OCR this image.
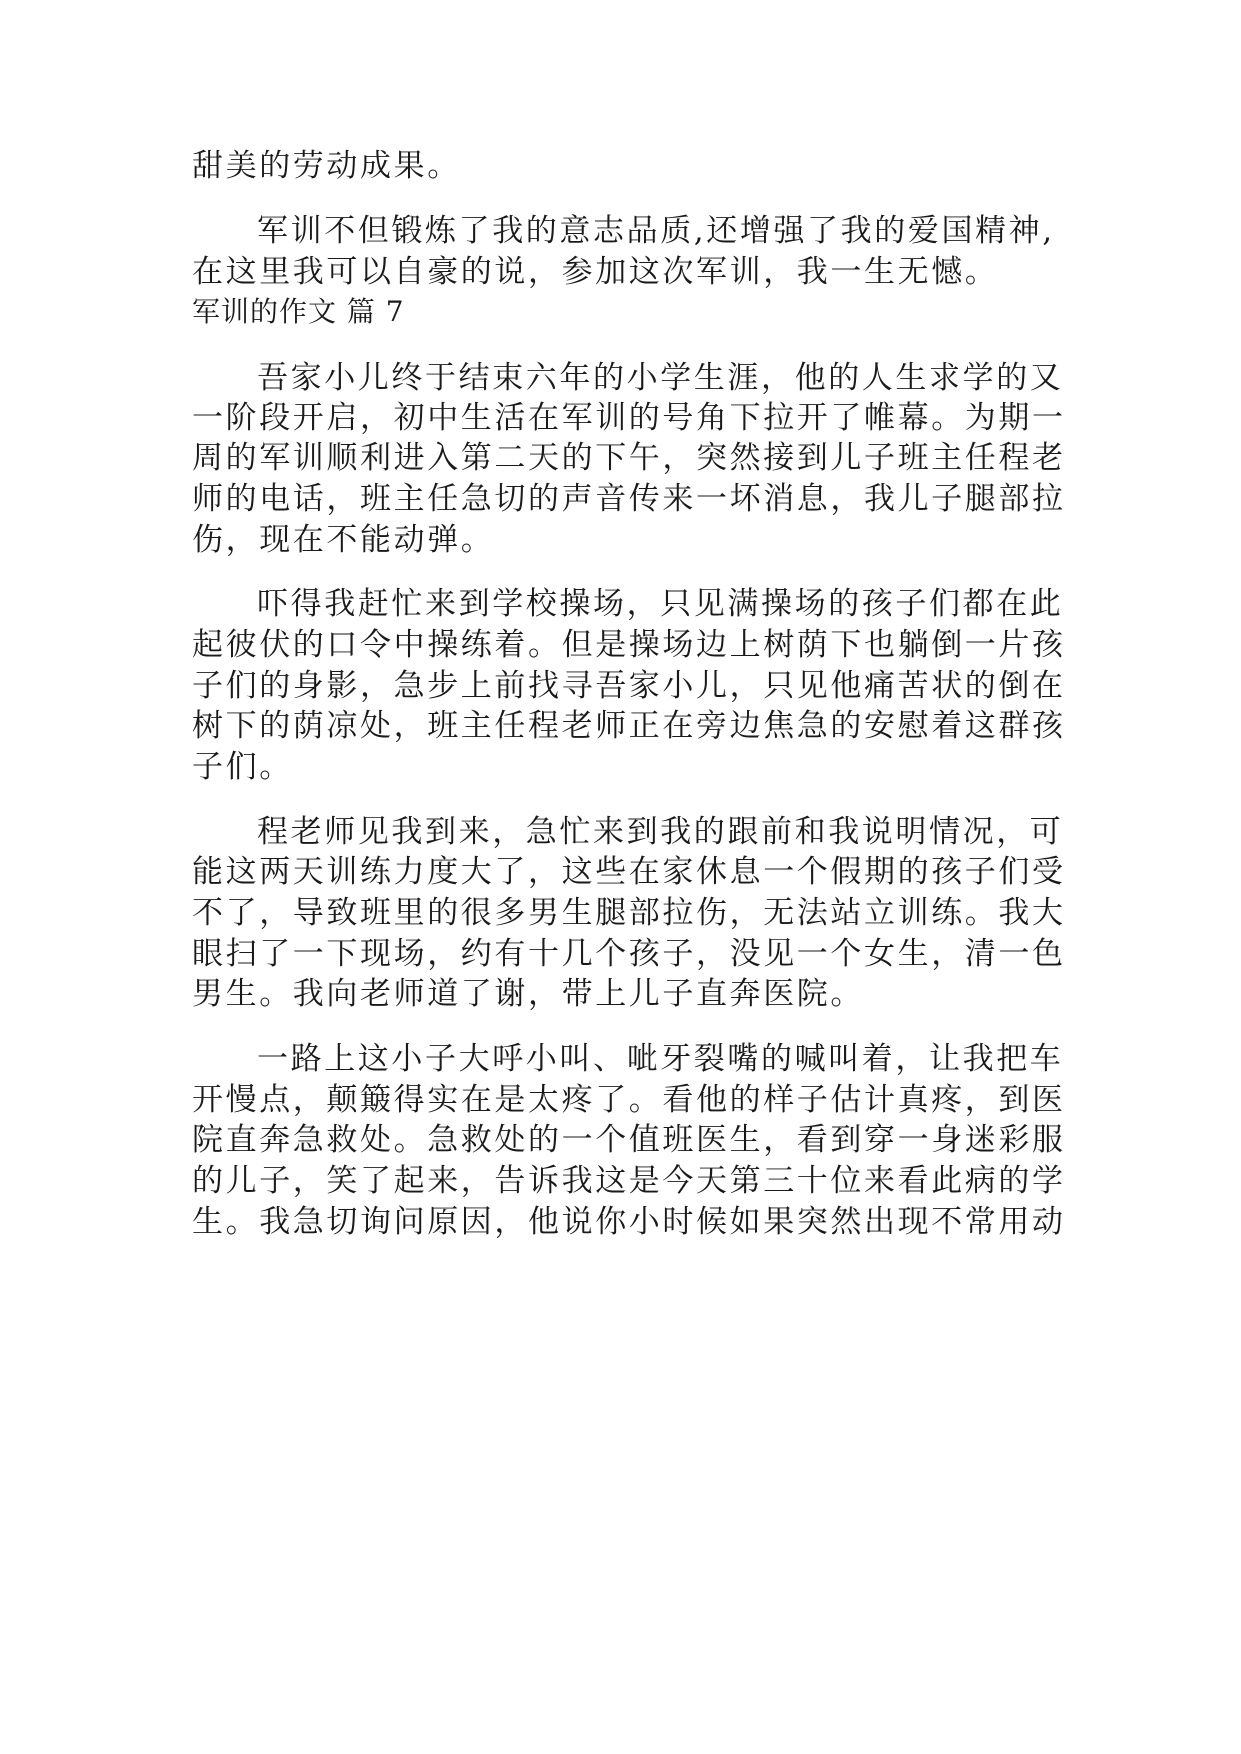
甜美的劳动成果。
军训不但锻炼了我的意志品质,还增强了我的爱国精神,
在这里我可以自豪的说，参加这次军训，我一生无憾。
军训的作文 篇 7
吾家小儿终于结束六年的小学生涯，他的人生求学的又
一阶段开启，初中生活在军训的号角下拉开了帷幕。为期一
周的军训顺利进入第二天的下午，突然接到儿子班主任程老
师的电话，班主任急切的声音传来一坏消息，我儿子腿部拉
伤，现在不能动弹。
吓得我赶忙来到学校操场，只见满操场的孩子们都在此
起彼伏的口令中操练着。但是操场边上树荫下也躺倒一片孩
子们的身影，急步上前找寻吾家小儿，只见他痛苦状的倒在
树下的荫凉处，班主任程老师正在旁边焦急的安慰着这群孩
子们。
程老师见我到来，急忙来到我的跟前和我说明情况，可
能这两天训练力度大了，这些在家休息一个假期的孩子们受
不了，导致班里的很多男生腿部拉伤，无法站立训练。我大
眼扫了一下现场，约有十几个孩子，没见一个女生，清一色
男生。我向老师道了谢，带上儿子直奔医院。
一路上这小子大呼小叫、呲牙裂嘴的喊叫着，让我把车
开慢点，颠簸得实在是太疼了。看他的样子估计真疼，到医
院直奔急救处。急救处的一个值班医生，看到穿一身迷彩服
的儿子，笑了起来，告诉我这是今天第三十位来看此病的学
生。我急切询问原因，他说你小时候如果突然出现不常用动
